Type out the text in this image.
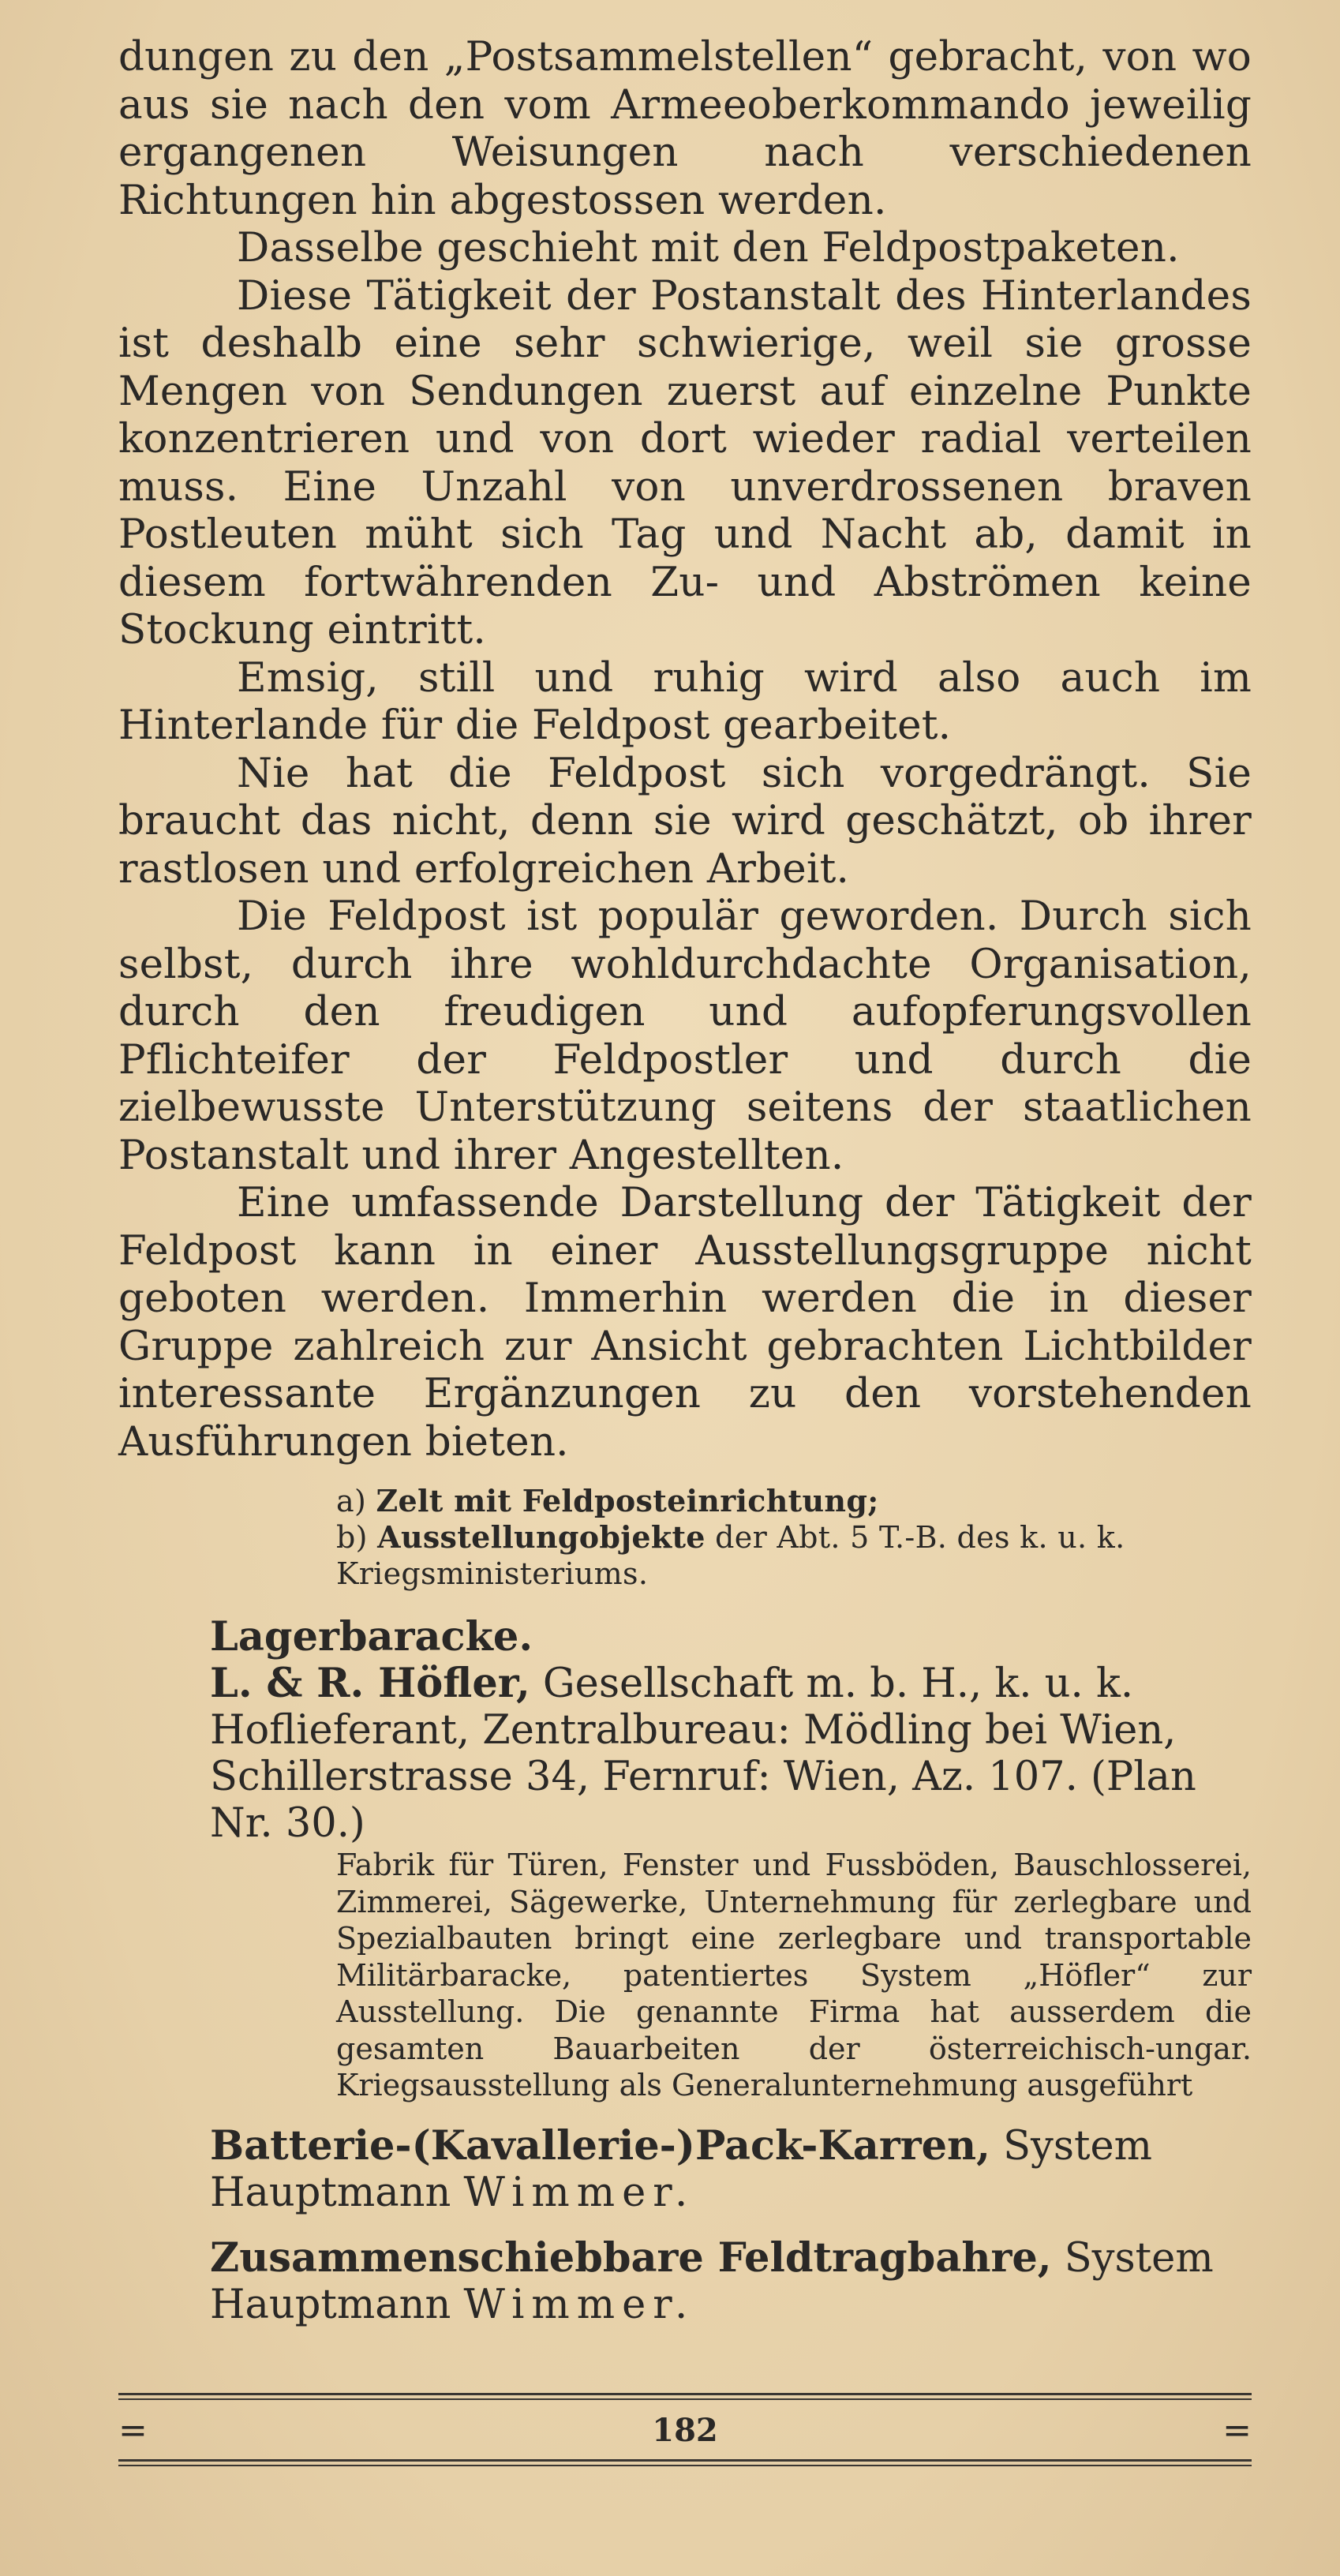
dungen zu den „Postsammelstellen“ gebracht, von wo aus sie nach den vom Armeeoberkommando jeweilig ergangenen Weisungen nach verschiedenen Richtungen hin abgestossen werden.

Dasselbe geschieht mit den Feldpostpaketen.

Diese Tätigkeit der Postanstalt des Hinterlandes ist deshalb eine sehr schwierige, weil sie grosse Mengen von Sendungen zuerst auf einzelne Punkte konzentrieren und von dort wieder radial verteilen muss. Eine Unzahl von unverdrossenen braven Postleuten müht sich Tag und Nacht ab, damit in diesem fortwährenden Zu- und Abströmen keine Stockung eintritt.

Emsig, still und ruhig wird also auch im Hinterlande für die Feldpost gearbeitet.

Nie hat die Feldpost sich vorgedrängt. Sie braucht das nicht, denn sie wird geschätzt, ob ihrer rastlosen und erfolgreichen Arbeit.

Die Feldpost ist populär geworden. Durch sich selbst, durch ihre wohldurchdachte Organisation, durch den freudigen und aufopferungsvollen Pflichteifer der Feldpostler und durch die zielbewusste Unterstützung seitens der staatlichen Postanstalt und ihrer Angestellten.

Eine umfassende Darstellung der Tätigkeit der Feldpost kann in einer Ausstellungsgruppe nicht geboten werden. Immerhin werden die in dieser Gruppe zahlreich zur Ansicht gebrachten Lichtbilder interessante Ergänzungen zu den vorstehenden Ausführungen bieten.

a) Zelt mit Feldposteinrichtung;
b) Ausstellungobjekte der Abt. 5 T.-B. des k. u. k. Kriegsministeriums.

Lagerbaracke.

L. & R. Höfler, Gesellschaft m. b. H., k. u. k. Hoflieferant, Zentralbureau: Mödling bei Wien, Schillerstrasse 34, Fernruf: Wien, Az. 107. (Plan Nr. 30.)

Fabrik für Türen, Fenster und Fussböden, Bauschlosserei, Zimmerei, Sägewerke, Unternehmung für zerlegbare und Spezialbauten bringt eine zerlegbare und transportable Militärbaracke, patentiertes System „Höfler“ zur Ausstellung. Die genannte Firma hat ausserdem die gesamten Bauarbeiten der österreichisch-ungar. Kriegsausstellung als Generalunternehmung ausgeführt

Batterie-(Kavallerie-)Pack-Karren, System Hauptmann Wimmer.

Zusammenschiebbare Feldtragbahre, System Hauptmann Wimmer.

=	182	=
